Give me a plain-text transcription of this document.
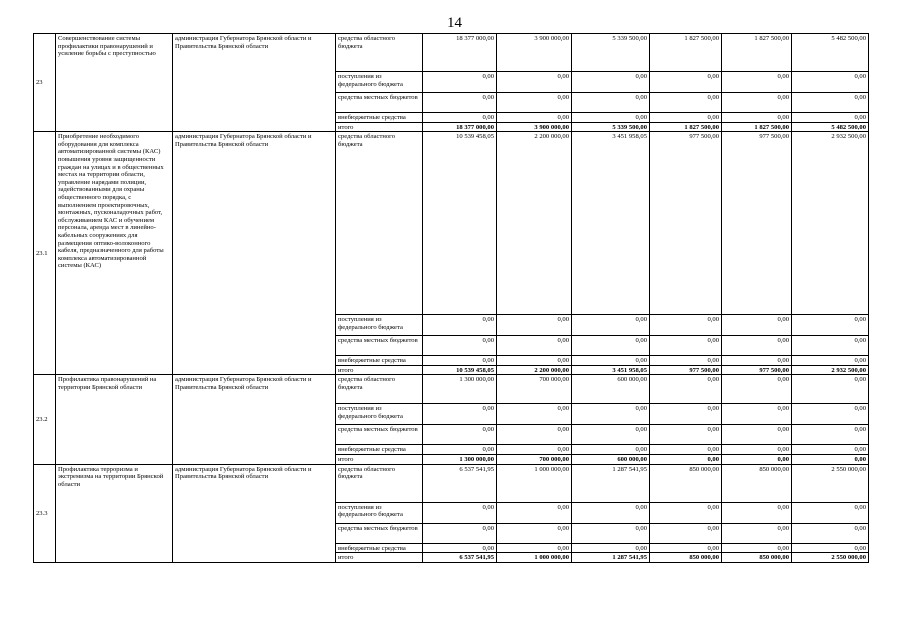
14
23	Совершенствование системы профилактики правонарушений и усиление борьбы с преступностью	администрация Губернатора Брянской области и Правительства Брянской области	средства областного бюджета	18 377 000,00	3 900 000,00	5 339 500,00	1 827 500,00	1 827 500,00	5 482 500,00
			поступления из федерального бюджета	0,00	0,00	0,00	0,00	0,00	0,00
			средства местных бюджетов	0,00	0,00	0,00	0,00	0,00	0,00
			внебюджетные средства	0,00	0,00	0,00	0,00	0,00	0,00
			итого	18 377 000,00	3 900 000,00	5 339 500,00	1 827 500,00	1 827 500,00	5 482 500,00
23.1	Приобретение необходимого оборудования для комплекса автоматизированной системы (КАС) повышения уровня защищенности граждан на улицах и в общественных местах на территории области, управление нарядами полиции, задействованными для охраны общественного порядка, с выполнением проектировочных, монтажных, пусконаладочных работ, обслуживанием КАС и обучением персонала, аренда мест в линейно-кабельных сооружениях для размещения оптико-волоконного кабеля, предназначенного для работы комплекса автоматизированной системы (КАС)	администрация Губернатора Брянской области и Правительства Брянской области	средства областного бюджета	10 539 458,05	2 200 000,00	3 451 958,05	977 500,00	977 500,00	2 932 500,00
			поступления из федерального бюджета	0,00	0,00	0,00	0,00	0,00	0,00
			средства местных бюджетов	0,00	0,00	0,00	0,00	0,00	0,00
			внебюджетные средства	0,00	0,00	0,00	0,00	0,00	0,00
			итого	10 539 458,05	2 200 000,00	3 451 958,05	977 500,00	977 500,00	2 932 500,00
23.2	Профилактика правонарушений на территории Брянской области	администрация Губернатора Брянской области и Правительства Брянской области	средства областного бюджета	1 300 000,00	700 000,00	600 000,00	0,00	0,00	0,00
			поступления из федерального бюджета	0,00	0,00	0,00	0,00	0,00	0,00
			средства местных бюджетов	0,00	0,00	0,00	0,00	0,00	0,00
			внебюджетные средства	0,00	0,00	0,00	0,00	0,00	0,00
			итого	1 300 000,00	700 000,00	600 000,00	0,00	0,00	0,00
23.3	Профилактика терроризма и экстремизма на территории Брянской области	администрация Губернатора Брянской области и Правительства Брянской области	средства областного бюджета	6 537 541,95	1 000 000,00	1 287 541,95	850 000,00	850 000,00	2 550 000,00
			поступления из федерального бюджета	0,00	0,00	0,00	0,00	0,00	0,00
			средства местных бюджетов	0,00	0,00	0,00	0,00	0,00	0,00
			внебюджетные средства	0,00	0,00	0,00	0,00	0,00	0,00
			итого	6 537 541,95	1 000 000,00	1 287 541,95	850 000,00	850 000,00	2 550 000,00
